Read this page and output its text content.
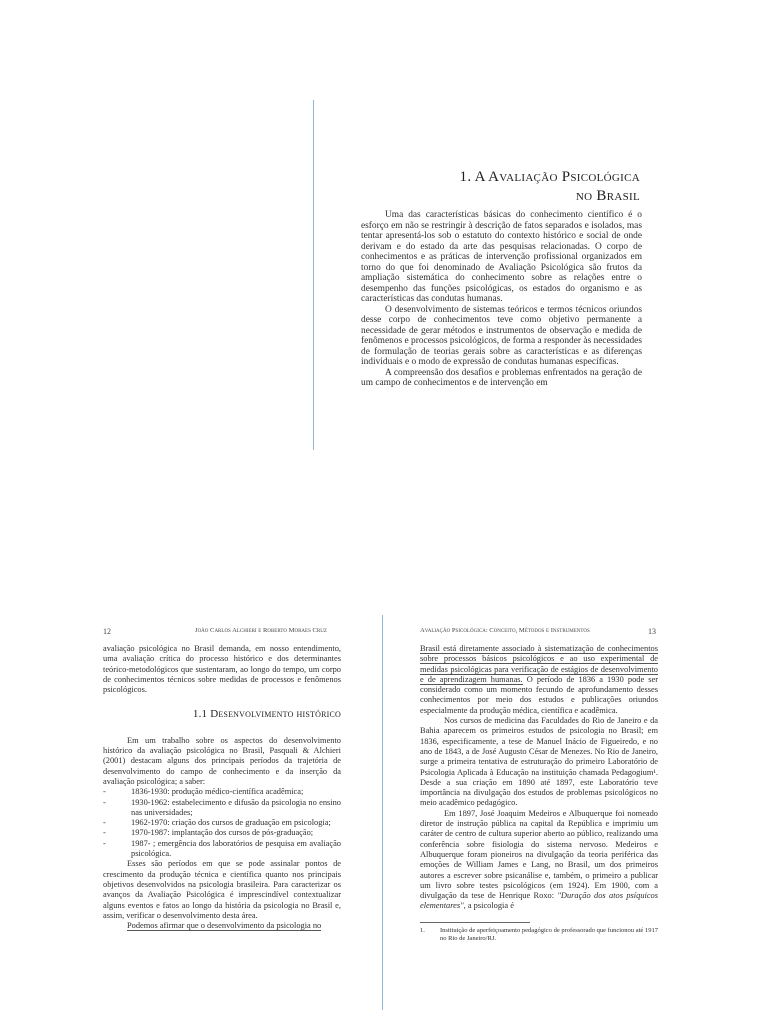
1. A Avaliação Psicológica
no Brasil

Uma das características básicas do conhecimento científico é o esforço em não se restringir à descrição de fatos separados e isolados, mas tentar apresentá-los sob o estatuto do contexto histórico e social de onde derivam e do estado da arte das pesquisas relacionadas. O corpo de conhecimentos e as práticas de intervenção profissional organizados em torno do que foi denominado de Avaliação Psicológica são frutos da ampliação sistemática do conhecimento sobre as relações entre o desempenho das funções psicológicas, os estados do organismo e as características das condutas humanas.

O desenvolvimento de sistemas teóricos e termos técnicos oriundos desse corpo de conhecimentos teve como objetivo permanente a necessidade de gerar métodos e instrumentos de observação e medida de fenômenos e processos psicológicos, de forma a responder às necessidades de formulação de teorias gerais sobre as características e as diferenças individuais e o modo de expressão de condutas humanas específicas.

A compreensão dos desafios e problemas enfrentados na geração de um campo de conhecimentos e de intervenção em

12	João Carlos Alchieri e Roberto Moraes Cruz

avaliação psicológica no Brasil demanda, em nosso entendimento, uma avaliação crítica do processo histórico e dos determinantes teórico-metodológicos que sustentaram, ao longo do tempo, um corpo de conhecimentos técnicos sobre medidas de processos e fenômenos psicológicos.

1.1 Desenvolvimento histórico

Em um trabalho sobre os aspectos do desenvolvimento histórico da avaliação psicológica no Brasil, Pasquali & Alchieri (2001) destacam alguns dos principais períodos da trajetória de desenvolvimento do campo de conhecimento e da inserção da avaliação psicológica; a saber:

- 1836-1930: produção médico-científica acadêmica;
- 1930-1962: estabelecimento e difusão da psicologia no ensino nas universidades;
- 1962-1970: criação dos cursos de graduação em psicologia;
- 1970-1987: implantação dos cursos de pós-graduação;
- 1987- ; emergência dos laboratórios de pesquisa em avaliação psicológica.

Esses são períodos em que se pode assinalar pontos de crescimento da produção técnica e científica quanto nos principais objetivos desenvolvidos na psicologia brasileira. Para caracterizar os avanços da Avaliação Psicológica é imprescindível contextualizar alguns eventos e fatos ao longo da história da psicologia no Brasil e, assim, verificar o desenvolvimento desta área.

Podemos afirmar que o desenvolvimento da psicologia no

Avaliação Psicológica: Conceito, Métodos e Instrumentos	13

Brasil está diretamente associado à sistematização de conhecimentos sobre processos básicos psicológicos e ao uso experimental de medidas psicológicas para verificação de estágios de desenvolvimento e de aprendizagem humanas. O período de 1836 a 1930 pode ser considerado como um momento fecundo de aprofundamento desses conhecimentos por meio dos estudos e publicações oriundos especialmente da produção médica, científica e acadêmica.

Nos cursos de medicina das Faculdades do Rio de Janeiro e da Bahia aparecem os primeiros estudos de psicologia no Brasil; em 1836, especificamente, a tese de Manuel Inácio de Figueiredo, e no ano de 1843, a de José Augusto César de Menezes. No Rio de Janeiro, surge a primeira tentativa de estruturação do primeiro Laboratório de Psicologia Aplicada à Educação na instituição chamada Pedagogium¹. Desde a sua criação em 1890 até 1897, este Laboratório teve importância na divulgação dos estudos de problemas psicológicos no meio acadêmico pedagógico.

Em 1897, José Joaquim Medeiros e Albuquerque foi nomeado diretor de instrução pública na capital da República e imprimiu um caráter de centro de cultura superior aberto ao público, realizando uma conferência sobre fisiologia do sistema nervoso. Medeiros e Albuquerque foram pioneiros na divulgação da teoria periférica das emoções de William James e Lang, no Brasil, um dos primeiros autores a escrever sobre psicanálise e, também, o primeiro a publicar um livro sobre testes psicológicos (em 1924). Em 1900, com a divulgação da tese de Henrique Roxo: "Duração dos atos psíquicos elementares", a psicologia é

1.	Instituição de aperfeiçoamento pedagógico de professorado que funcionou até 1917 no Rio de Janeiro/RJ.
